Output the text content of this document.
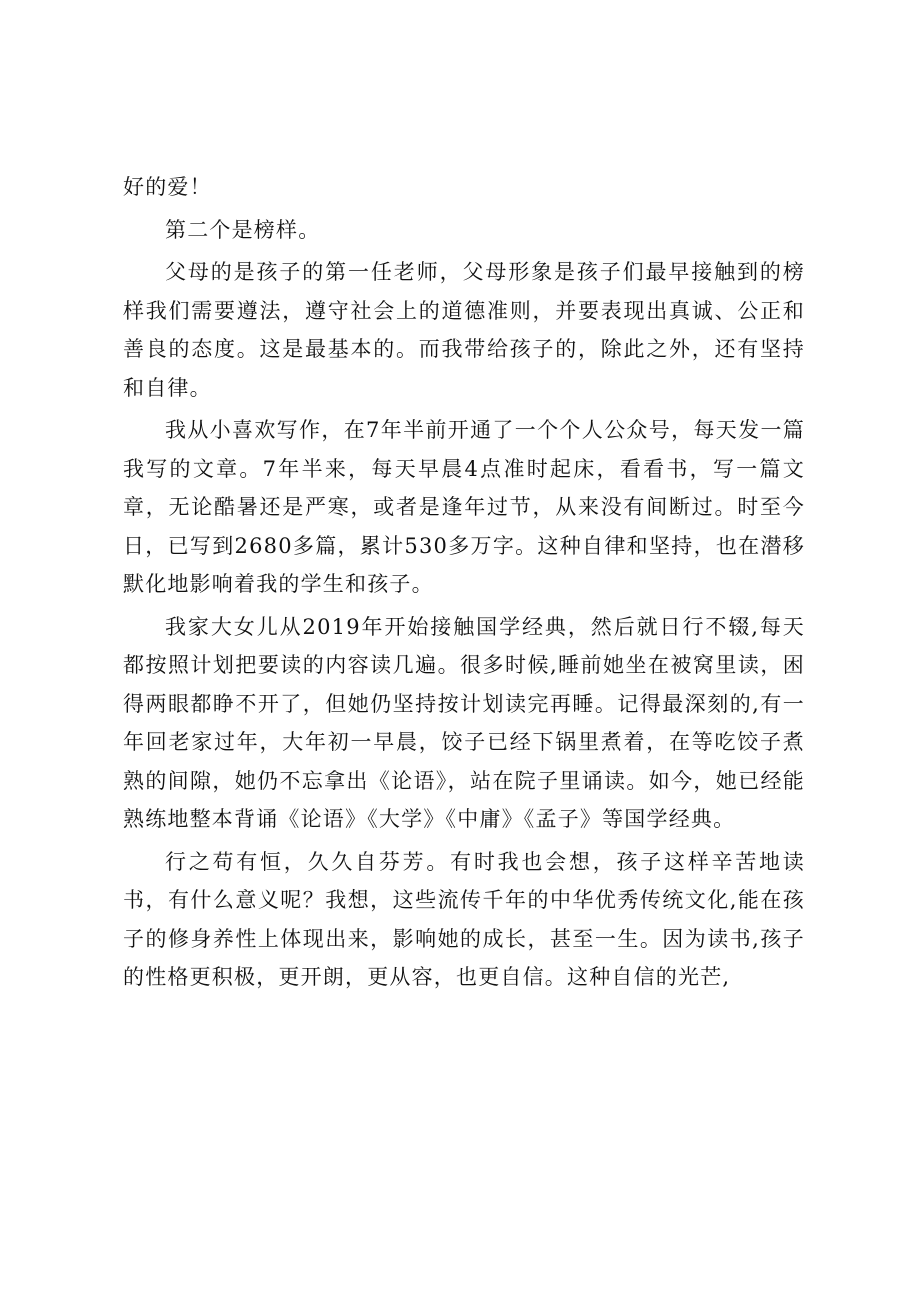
好的爱！

第二个是榜样。

父母的是孩子的第一任老师，父母形象是孩子们最早接触到的榜样我们需要遵法，遵守社会上的道德准则，并要表现出真诚、公正和善良的态度。这是最基本的。而我带给孩子的，除此之外，还有坚持和自律。

我从小喜欢写作，在7年半前开通了一个个人公众号，每天发一篇我写的文章。7年半来，每天早晨4点准时起床，看看书，写一篇文章，无论酷暑还是严寒，或者是逢年过节，从来没有间断过。时至今日，已写到2680多篇，累计530多万字。这种自律和坚持，也在潜移默化地影响着我的学生和孩子。

我家大女儿从2019年开始接触国学经典，然后就日行不辍,每天都按照计划把要读的内容读几遍。很多时候,睡前她坐在被窝里读，困得两眼都睁不开了，但她仍坚持按计划读完再睡。记得最深刻的,有一年回老家过年，大年初一早晨，饺子已经下锅里煮着，在等吃饺子煮熟的间隙，她仍不忘拿出《论语》，站在院子里诵读。如今，她已经能熟练地整本背诵《论语》《大学》《中庸》《孟子》等国学经典。

行之苟有恒，久久自芬芳。有时我也会想，孩子这样辛苦地读书，有什么意义呢？我想，这些流传千年的中华优秀传统文化,能在孩子的修身养性上体现出来，影响她的成长，甚至一生。因为读书,孩子的性格更积极，更开朗，更从容，也更自信。这种自信的光芒,
